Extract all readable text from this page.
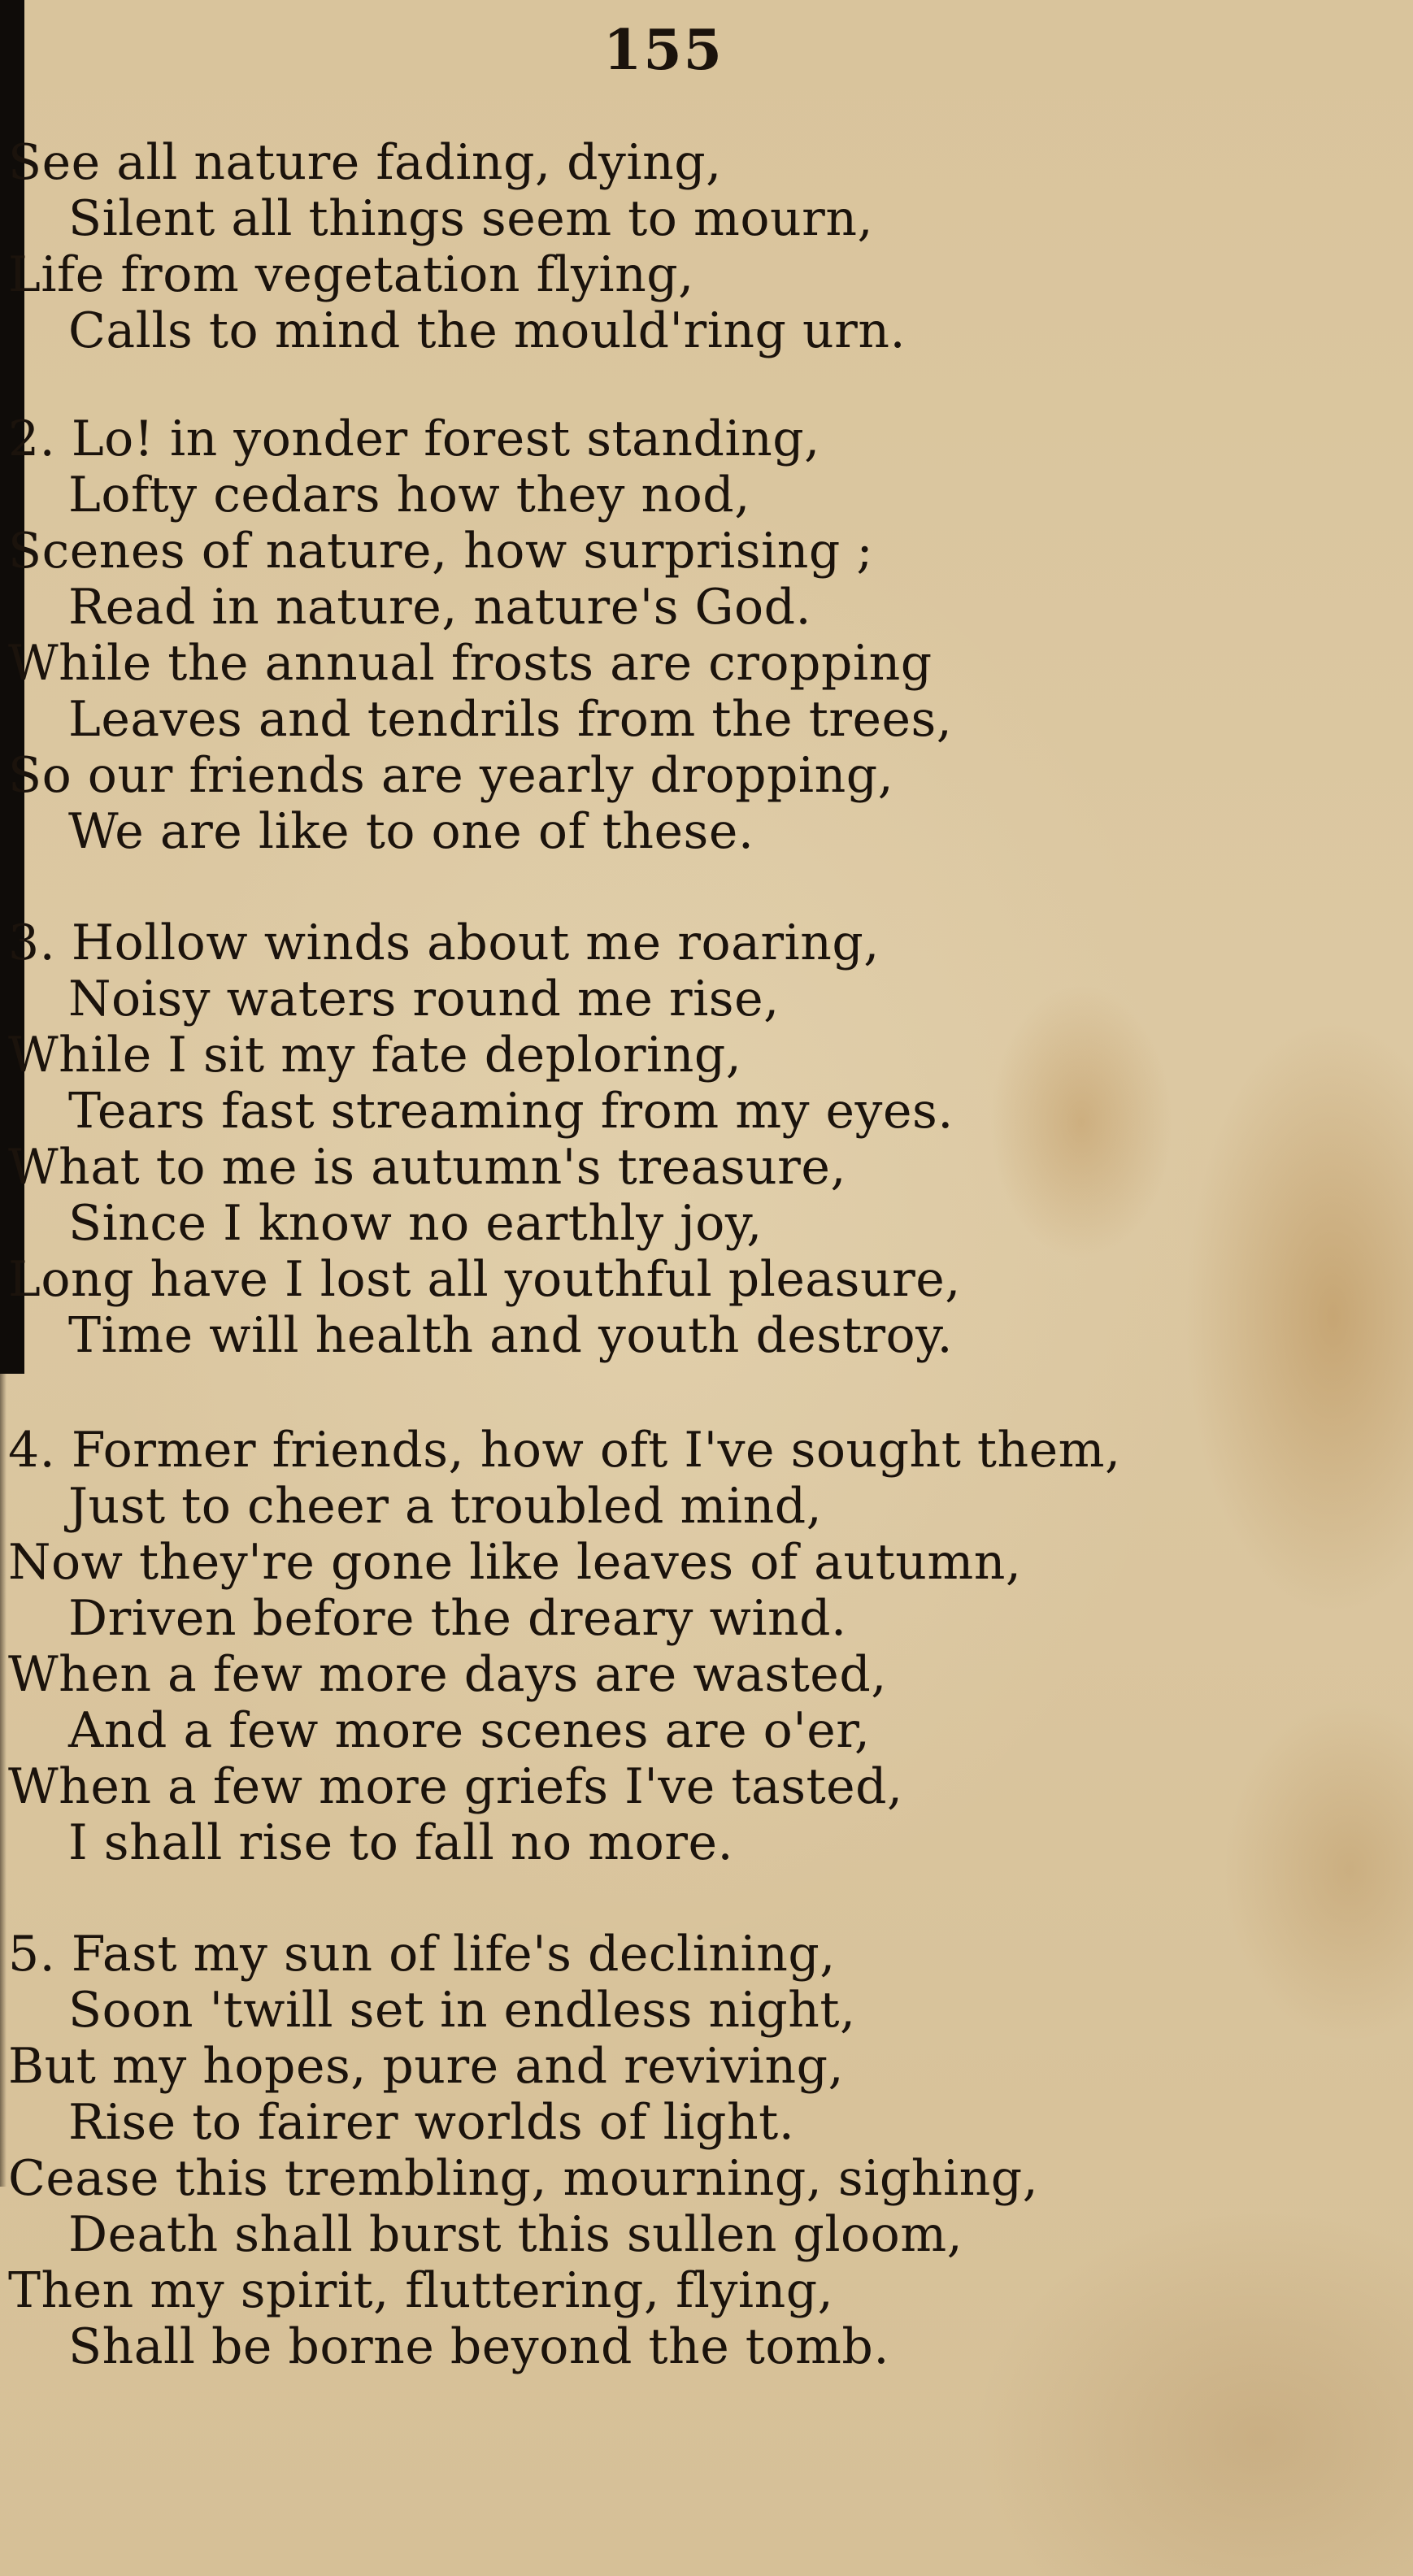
155
See all nature fading, dying,
Silent all things seem to mourn,
Life from vegetation flying,
Calls to mind the mould'ring urn.
2. Lo! in yonder forest standing,
Lofty cedars how they nod,
Scenes of nature, how surprising ;
Read in nature, nature's God.
While the annual frosts are cropping
Leaves and tendrils from the trees,
So our friends are yearly dropping,
We are like to one of these.
3. Hollow winds about me roaring,
Noisy waters round me rise,
While I sit my fate deploring,
Tears fast streaming from my eyes.
What to me is autumn's treasure,
Since I know no earthly joy,
Long have I lost all youthful pleasure,
Time will health and youth destroy.
4. Former friends, how oft I've sought them,
Just to cheer a troubled mind,
Now they're gone like leaves of autumn,
Driven before the dreary wind.
When a few more days are wasted,
And a few more scenes are o'er,
When a few more griefs I've tasted,
I shall rise to fall no more.
5. Fast my sun of life's declining,
Soon 'twill set in endless night,
But my hopes, pure and reviving,
Rise to fairer worlds of light.
Cease this trembling, mourning, sighing,
Death shall burst this sullen gloom,
Then my spirit, fluttering, flying,
Shall be borne beyond the tomb.
